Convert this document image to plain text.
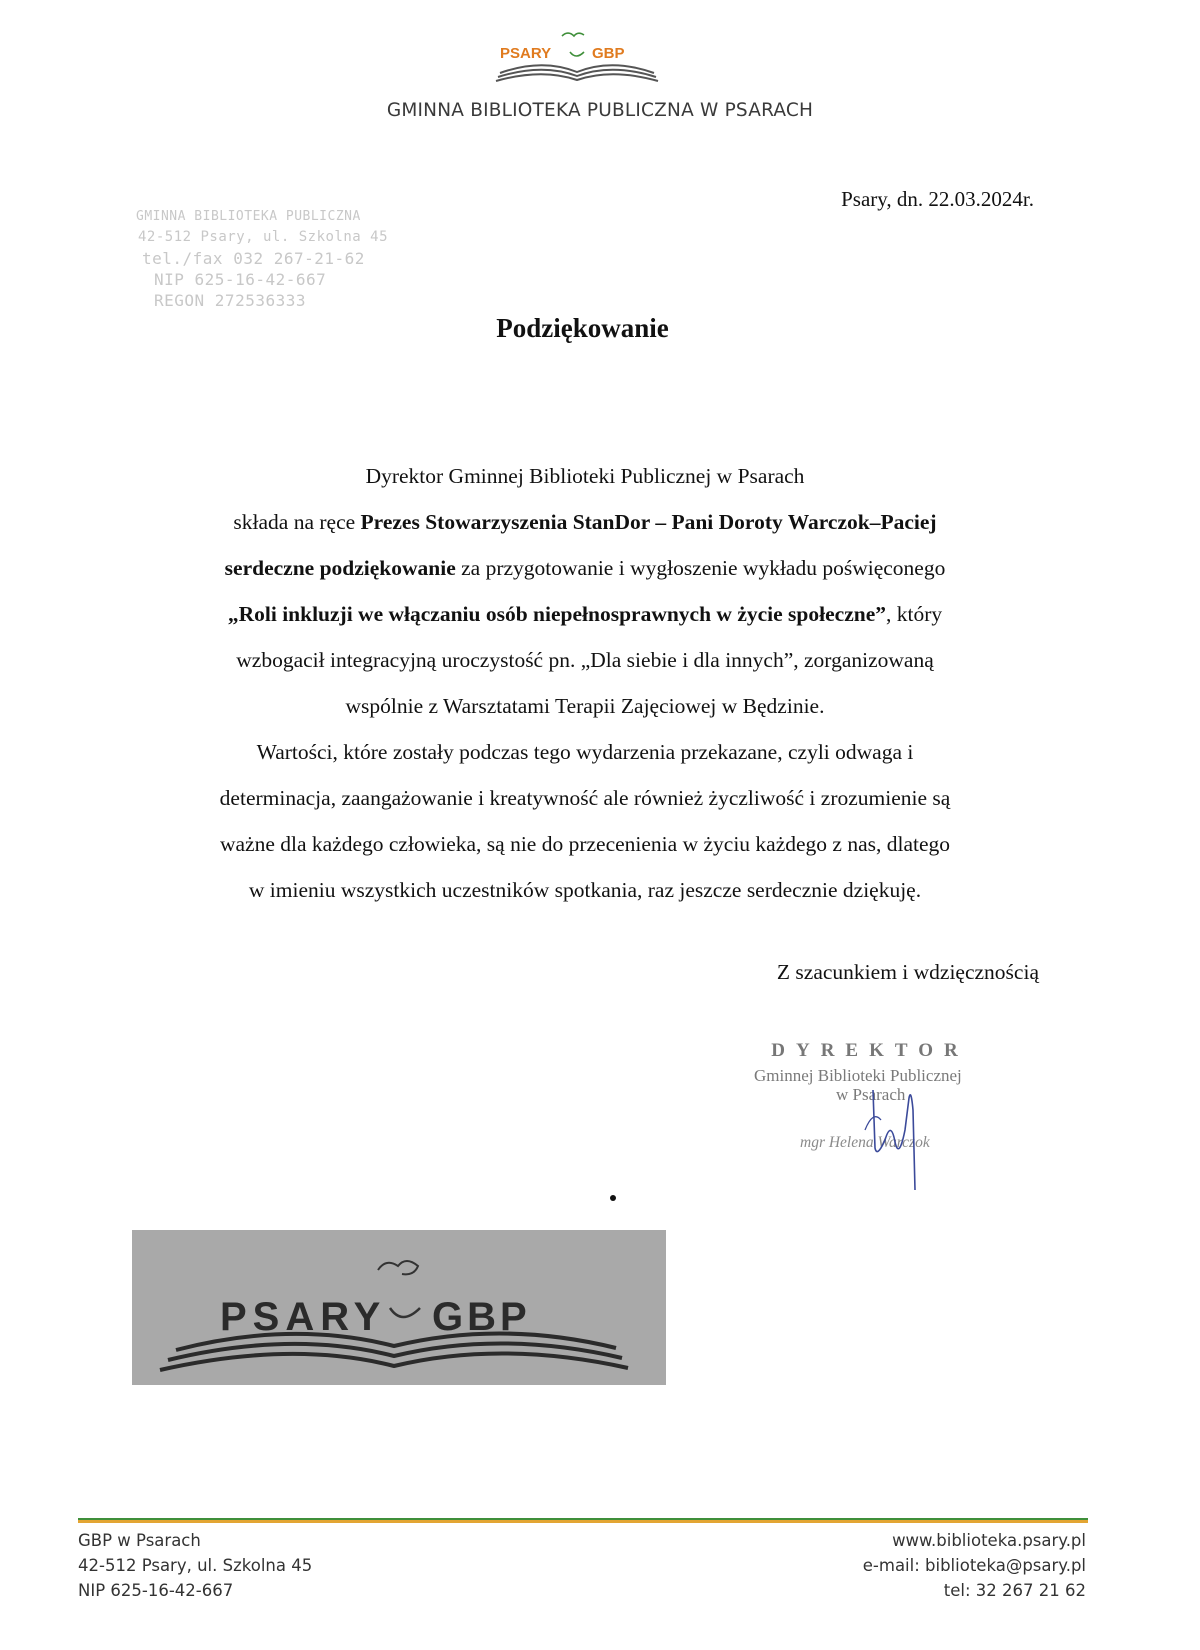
PSARY	GBP
GMINNA BIBLIOTEKA PUBLICZNA W PSARACH
Psary, dn. 22.03.2024r.
GMINNA BIBLIOTEKA PUBLICZNA
42-512 Psary, ul. Szkolna 45
tel./fax 032 267-21-62
NIP 625-16-42-667
REGON 272536333
Podziękowanie

Dyrektor Gminnej Biblioteki Publicznej w Psarach

składa na ręce Prezes Stowarzyszenia StanDor – Pani Doroty Warczok–Paciej

serdeczne podziękowanie za przygotowanie i wygłoszenie wykładu poświęconego

„Roli inkluzji we włączaniu osób niepełnosprawnych w życie społeczne”, który

wzbogacił integracyjną uroczystość pn. „Dla siebie i dla innych”, zorganizowaną

wspólnie z Warsztatami Terapii Zajęciowej w Będzinie.

Wartości, które zostały podczas tego wydarzenia przekazane, czyli odwaga i

determinacja, zaangażowanie i kreatywność ale również życzliwość i zrozumienie są

ważne dla każdego człowieka, są nie do przecenienia w życiu każdego z nas, dlatego

w imieniu wszystkich uczestników spotkania, raz jeszcze serdecznie dziękuję.

Z szacunkiem i wdzięcznością
DYREKTOR
Gminnej Biblioteki Publicznej
w Psarach
mgr Helena Warczok
PSARY GBP
GBP w Psarach
42-512 Psary, ul. Szkolna 45
NIP 625-16-42-667
www.biblioteka.psary.pl
e-mail: biblioteka@psary.pl
tel: 32 267 21 62
